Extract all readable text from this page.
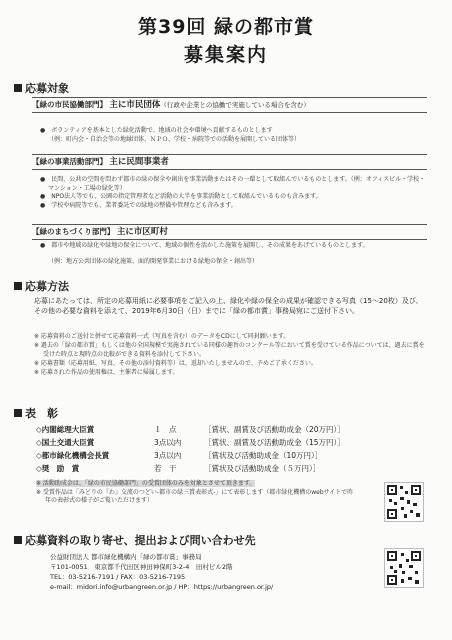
第39回 緑の都市賞
募集案内
応募対象
【緑の市民協働部門】 主に市民団体（行政や企業との協働で実施している場合を含む）
●　ボランティアを基本とした緑化活動で、地域の社会や環境へ貢献するものとします
（例：町内会・自治会等の地縁団体、ＮＰＯ、学校・病院等での活動を展開している団体等）
【緑の事業活動部門】 主に民間事業者
●　民間、公共の空間を問わず都市の緑の保全や創出を事業活動またはその一環として取組んでいるものとします。（例：オフィスビル・学校・マンション・工場の緑化等）
●　NPO法人等でも、公園の指定管理者など活動の大半を事業活動として取組んでいるものも含みます。
●　学校や病院等でも、業者委託での緑地の整備や管理なども含みます。
【緑のまちづくり部門】 主に市区町村
●　都市や地域の緑化や緑地の保全について、地域の個性を活かした施策を展開し、その成果をあげているものとします。
（例：地方公共団体の緑化施策、面的開発事業における緑地の保全・創出等）
応募方法
応募にあたっては、所定の応募用紙に必要事項をご記入の上、緑化や緑の保全の成果が確認できる写真（15～20枚）及び、その他の必要な資料を添えて、2019年6月30日（日）までに「緑の都市賞」事務局宛にご送付下さい。
※ 応募資料のご送付と併せて応募資料一式（写真を含む）のデータをCDにして同封願います。
※ 過去の「緑の都市賞」もしくは他の全国規模で実施されている同様の趣旨のコンクール等において賞を受けている作品については、過去に賞を受けた時点と現時点の比較ができる資料を添付して下さい。
※ 応募書類（応募用紙、写真、その他の添付資料等）は、返却いたしませんので、予めご了承ください。
※ 応募された作品の使用権は、主催者に帰属します。
表　彰
◇内閣総理大臣賞	１　点	［賞状、副賞及び活動助成金（20万円）］
◇国土交通大臣賞	3点以内	［賞状、副賞及び活動助成金（15万円）］
◇都市緑化機構会長賞	3点以内	［賞状及び活動助成金（10万円）］
◇奨　励　賞	若　干	［賞状及び活動助成金（５万円）］
※ 活動助成金は、「緑の市民協働部門」の受賞団体のみを対象とさせて頂きます。
※ 受賞作品は「みどりの『わ』交流のつどい-都市の緑三賞表彰式-」にて表彰します（都市緑化機構のwebサイトで昨年の表彰式の様子がご覧いただけます）
応募資料の取り寄せ、提出および問い合わせ先
公益財団法人 都市緑化機構内「緑の都市賞」事務局
〒101-0051　東京都千代田区神田神保町3-2-4　田村ビル2階
TEL：03-5216-7191 / FAX：03-5216-7195
e-mail：midori.info@urbangreen.or.jp / HP：https://urbangreen.or.jp/
